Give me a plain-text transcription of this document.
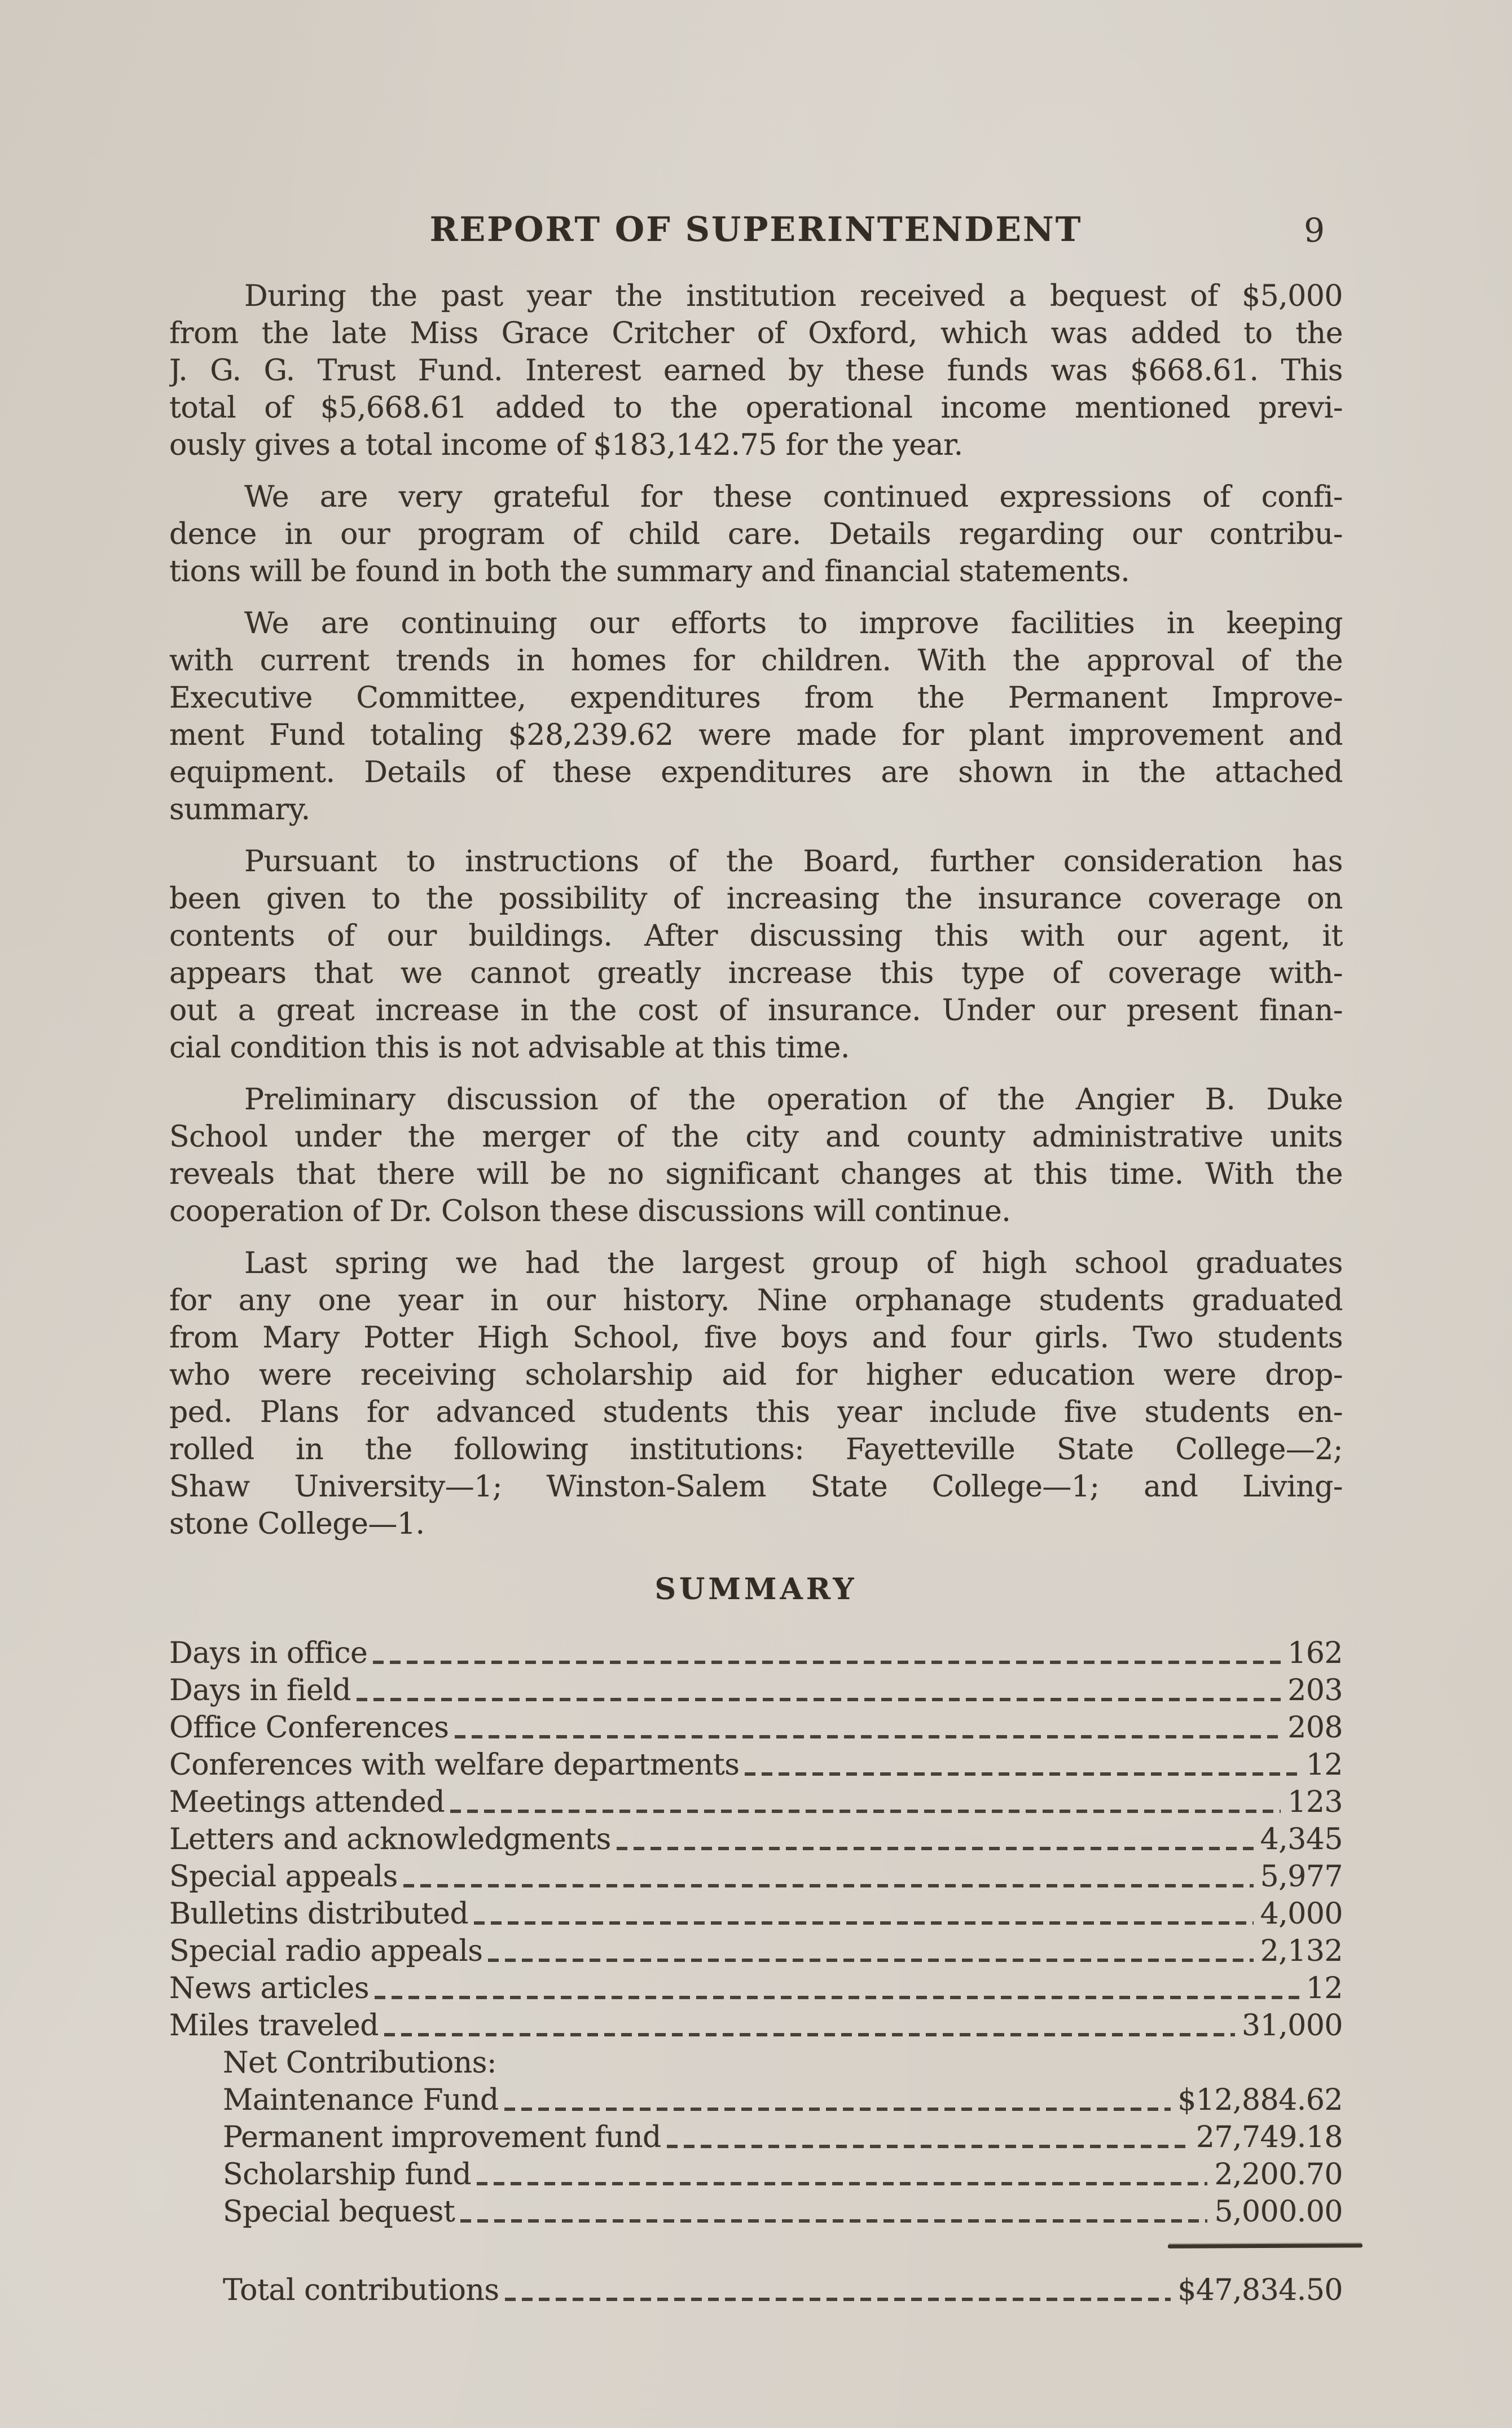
REPORT OF SUPERINTENDENT	9
During the past year the institution received a bequest of $5,000
from the late Miss Grace Critcher of Oxford, which was added to the
J. G. G. Trust Fund. Interest earned by these funds was $668.61. This
total of $5,668.61 added to the operational income mentioned previ-
ously gives a total income of $183,142.75 for the year.
We are very grateful for these continued expressions of confi-
dence in our program of child care. Details regarding our contribu-
tions will be found in both the summary and financial statements.
We are continuing our efforts to improve facilities in keeping
with current trends in homes for children. With the approval of the
Executive Committee, expenditures from the Permanent Improve-
ment Fund totaling $28,239.62 were made for plant improvement and
equipment. Details of these expenditures are shown in the attached
summary.
Pursuant to instructions of the Board, further consideration has
been given to the possibility of increasing the insurance coverage on
contents of our buildings. After discussing this with our agent, it
appears that we cannot greatly increase this type of coverage with-
out a great increase in the cost of insurance. Under our present finan-
cial condition this is not advisable at this time.
Preliminary discussion of the operation of the Angier B. Duke
School under the merger of the city and county administrative units
reveals that there will be no significant changes at this time. With the
cooperation of Dr. Colson these discussions will continue.
Last spring we had the largest group of high school graduates
for any one year in our history. Nine orphanage students graduated
from Mary Potter High School, five boys and four girls. Two students
who were receiving scholarship aid for higher education were drop-
ped. Plans for advanced students this year include five students en-
rolled in the following institutions: Fayetteville State College—2;
Shaw University—1; Winston-Salem State College—1; and Living-
stone College—1.
SUMMARY
Days in office	162
Days in field	203
Office Conferences	208
Conferences with welfare departments	12
Meetings attended	123
Letters and acknowledgments	4,345
Special appeals	5,977
Bulletins distributed	4,000
Special radio appeals	2,132
News articles	12
Miles traveled	31,000
Net Contributions:
Maintenance Fund	$12,884.62
Permanent improvement fund	27,749.18
Scholarship fund	2,200.70
Special bequest	5,000.00
Total contributions	$47,834.50
